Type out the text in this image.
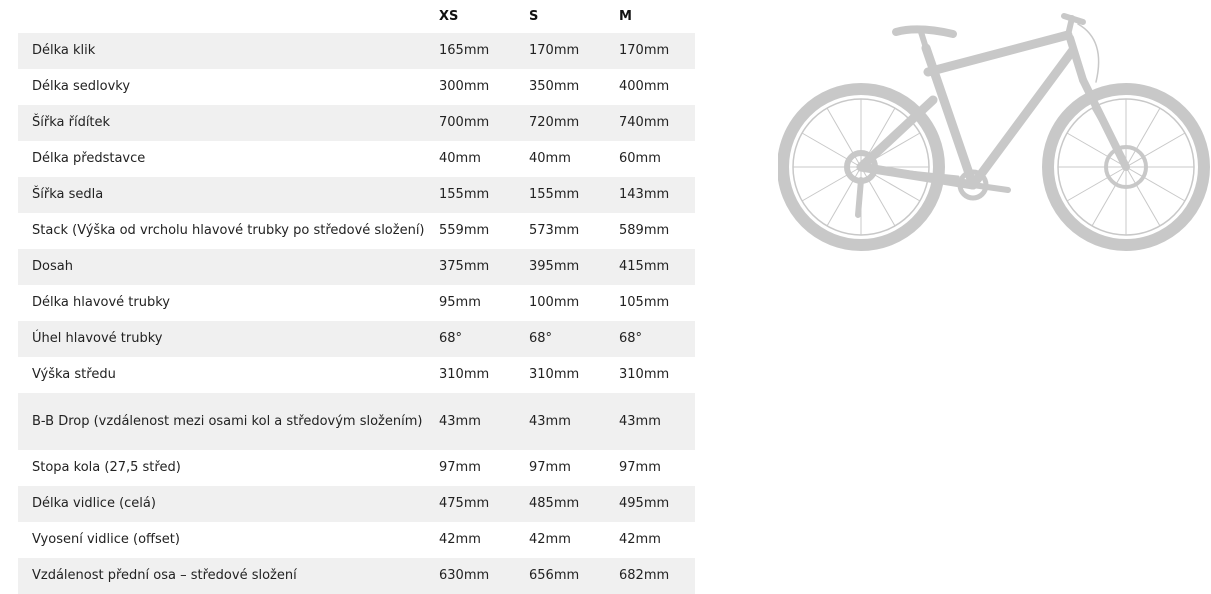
	XS	S	M
Délka klik	165mm	170mm	170mm
Délka sedlovky	300mm	350mm	400mm
Šířka řídítek	700mm	720mm	740mm
Délka představce	40mm	40mm	60mm
Šířka sedla	155mm	155mm	143mm
Stack (Výška od vrcholu hlavové trubky po středové složení)	559mm	573mm	589mm
Dosah	375mm	395mm	415mm
Délka hlavové trubky	95mm	100mm	105mm
Úhel hlavové trubky	68°	68°	68°
Výška středu	310mm	310mm	310mm
B-B Drop (vzdálenost mezi osami kol a středovým složením)	43mm	43mm	43mm
Stopa kola (27,5 střed)	97mm	97mm	97mm
Délka vidlice (celá)	475mm	485mm	495mm
Vyosení vidlice (offset)	42mm	42mm	42mm
Vzdálenost přední osa – středové složení	630mm	656mm	682mm
